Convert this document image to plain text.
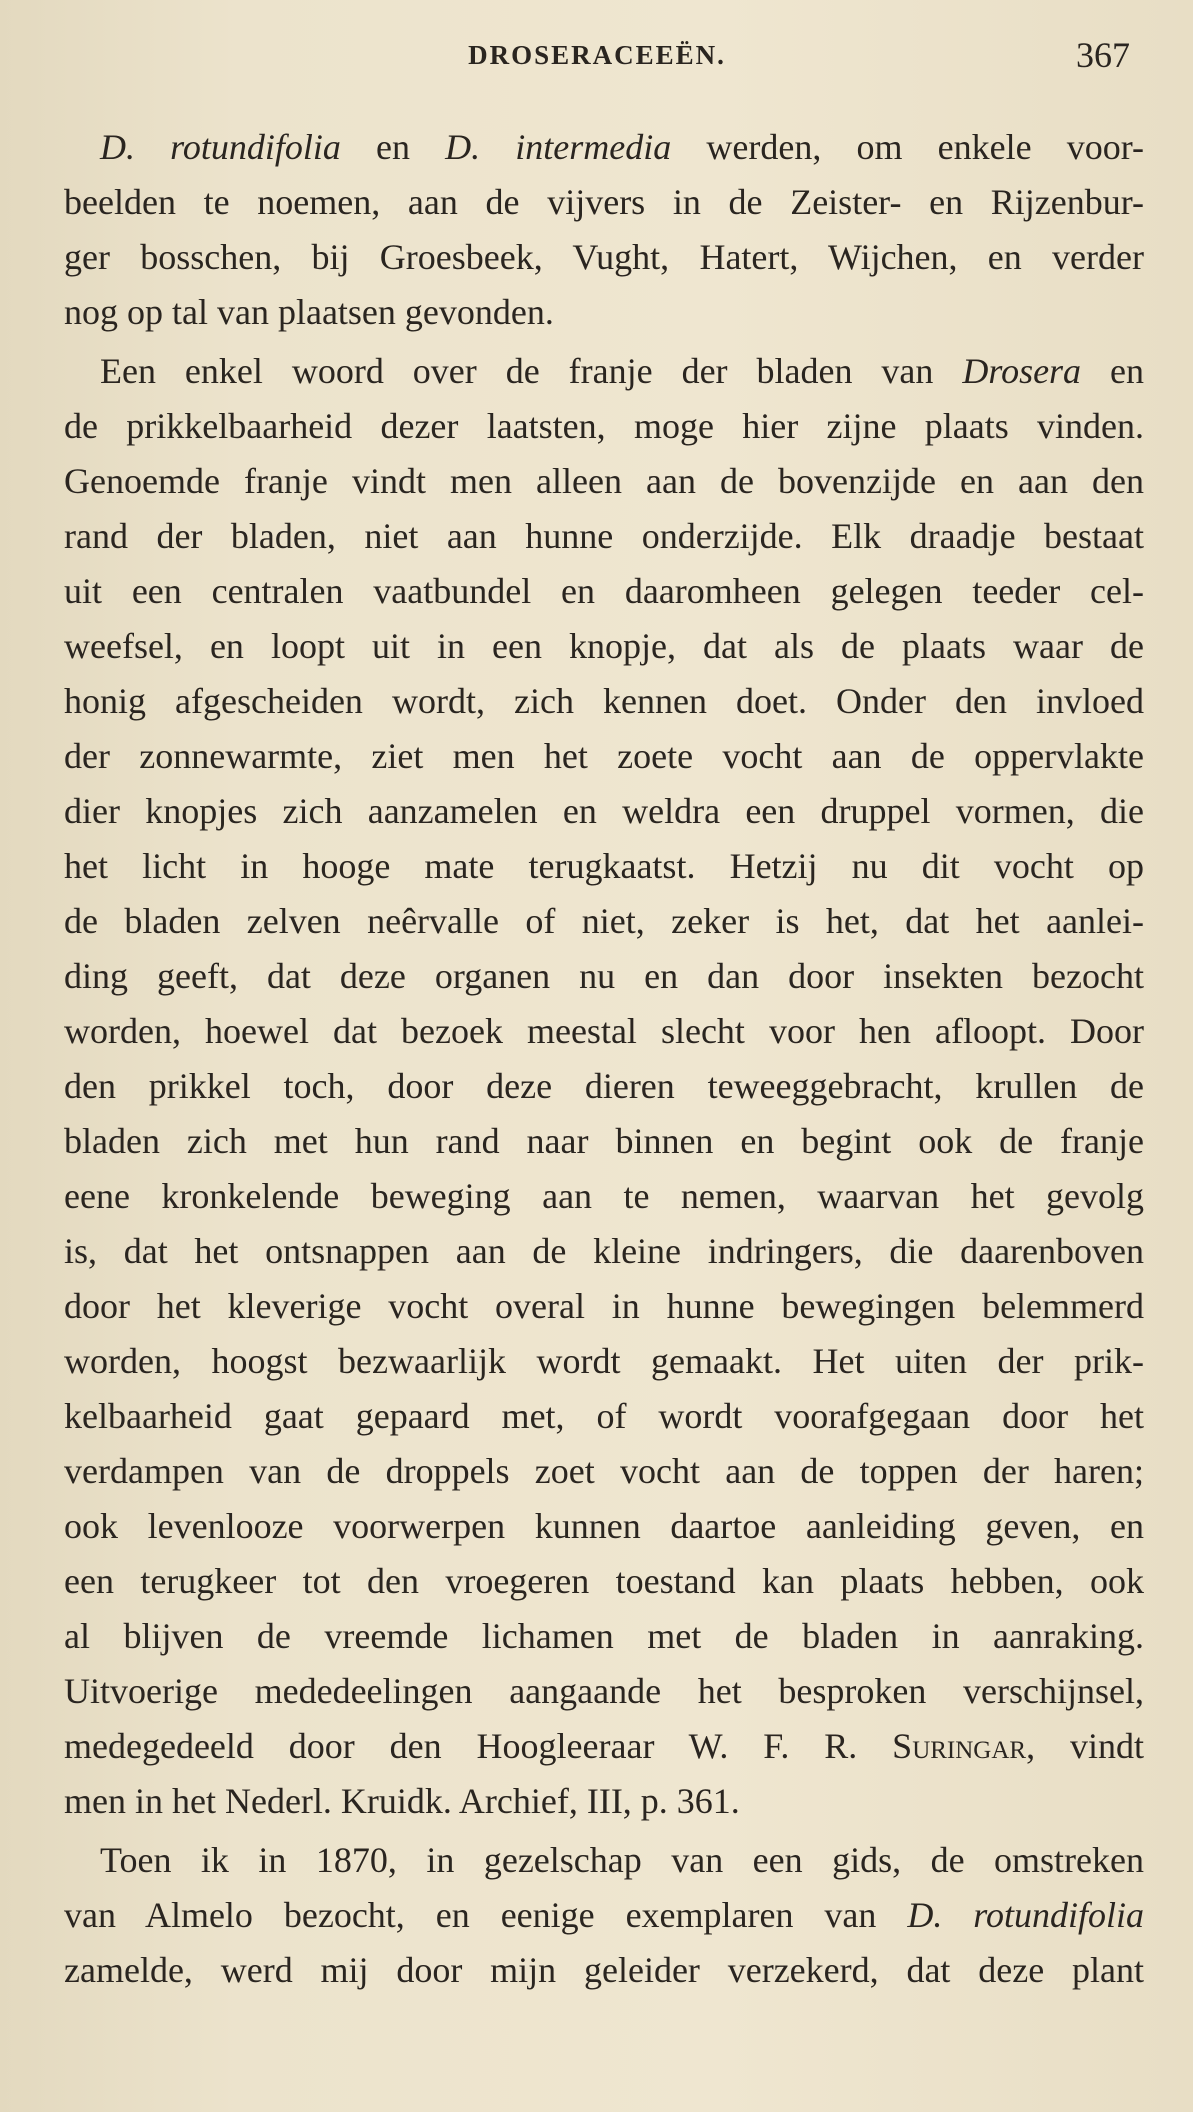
DROSERACEEËN.	367
D. rotundifolia en D. intermedia werden, om enkele voor-
beelden te noemen, aan de vijvers in de Zeister- en Rijzenbur-
ger bosschen, bij Groesbeek, Vught, Hatert, Wijchen, en verder
nog op tal van plaatsen gevonden.
Een enkel woord over de franje der bladen van Drosera en
de prikkelbaarheid dezer laatsten, moge hier zijne plaats vinden.
Genoemde franje vindt men alleen aan de bovenzijde en aan den
rand der bladen, niet aan hunne onderzijde. Elk draadje bestaat
uit een centralen vaatbundel en daaromheen gelegen teeder cel-
weefsel, en loopt uit in een knopje, dat als de plaats waar de
honig afgescheiden wordt, zich kennen doet. Onder den invloed
der zonnewarmte, ziet men het zoete vocht aan de oppervlakte
dier knopjes zich aanzamelen en weldra een druppel vormen, die
het licht in hooge mate terugkaatst. Hetzij nu dit vocht op
de bladen zelven neêrvalle of niet, zeker is het, dat het aanlei-
ding geeft, dat deze organen nu en dan door insekten bezocht
worden, hoewel dat bezoek meestal slecht voor hen afloopt. Door
den prikkel toch, door deze dieren teweeggebracht, krullen de
bladen zich met hun rand naar binnen en begint ook de franje
eene kronkelende beweging aan te nemen, waarvan het gevolg
is, dat het ontsnappen aan de kleine indringers, die daarenboven
door het kleverige vocht overal in hunne bewegingen belemmerd
worden, hoogst bezwaarlijk wordt gemaakt. Het uiten der prik-
kelbaarheid gaat gepaard met, of wordt voorafgegaan door het
verdampen van de droppels zoet vocht aan de toppen der haren;
ook levenlooze voorwerpen kunnen daartoe aanleiding geven, en
een terugkeer tot den vroegeren toestand kan plaats hebben, ook
al blijven de vreemde lichamen met de bladen in aanraking.
Uitvoerige mededeelingen aangaande het besproken verschijnsel,
medegedeeld door den Hoogleeraar W. F. R. Suringar, vindt
men in het Nederl. Kruidk. Archief, III, p. 361.
Toen ik in 1870, in gezelschap van een gids, de omstreken
van Almelo bezocht, en eenige exemplaren van D. rotundifolia
zamelde, werd mij door mijn geleider verzekerd, dat deze plant
